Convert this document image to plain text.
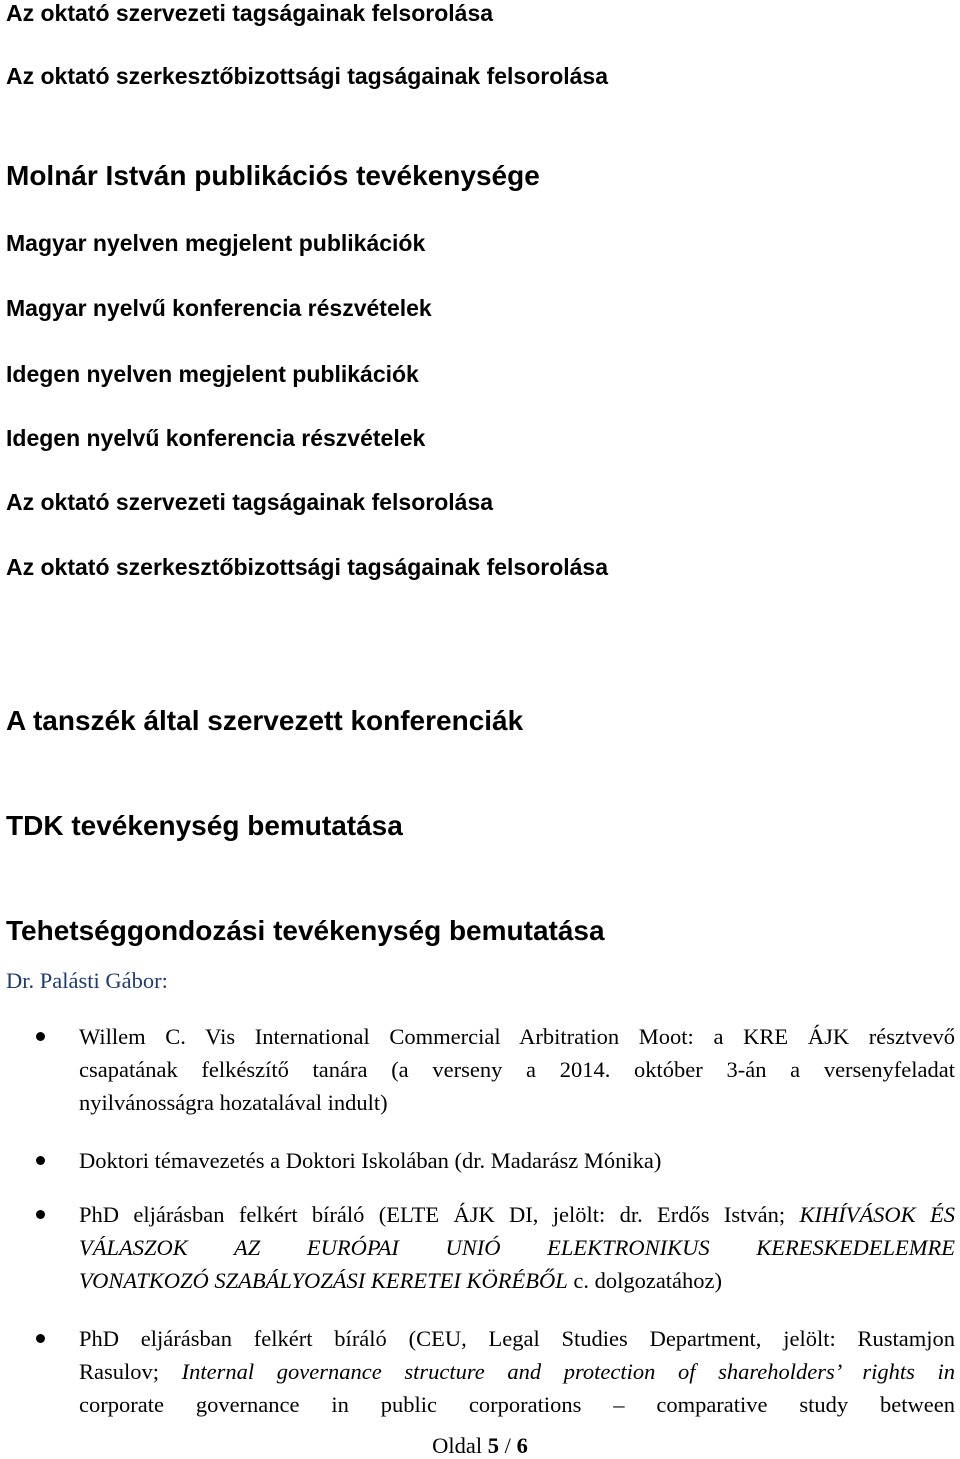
Az oktató szervezeti tagságainak felsorolása
Az oktató szerkesztőbizottsági tagságainak felsorolása
Molnár István publikációs tevékenysége
Magyar nyelven megjelent publikációk
Magyar nyelvű konferencia részvételek
Idegen nyelven megjelent publikációk
Idegen nyelvű konferencia részvételek
Az oktató szervezeti tagságainak felsorolása
Az oktató szerkesztőbizottsági tagságainak felsorolása
A tanszék által szervezett konferenciák
TDK tevékenység bemutatása
Tehetséggondozási tevékenység bemutatása
Dr. Palásti Gábor:
Willem C. Vis International Commercial Arbitration Moot: a KRE ÁJK résztvevő
csapatának felkészítő tanára (a verseny a 2014. október 3-án a versenyfeladat
nyilvánosságra hozatalával indult)
Doktori témavezetés a Doktori Iskolában (dr. Madarász Mónika)
PhD eljárásban felkért bíráló (ELTE ÁJK DI, jelölt: dr. Erdős István; KIHÍVÁSOK ÉS
VÁLASZOK AZ EURÓPAI UNIÓ ELEKTRONIKUS KERESKEDELEMRE
VONATKOZÓ SZABÁLYOZÁSI KERETEI KÖRÉBŐL c. dolgozatához)
PhD eljárásban felkért bíráló (CEU, Legal Studies Department, jelölt: Rustamjon
Rasulov; Internal governance structure and protection of shareholders’ rights in
corporate governance in public corporations – comparative study between
Oldal 5 / 6
